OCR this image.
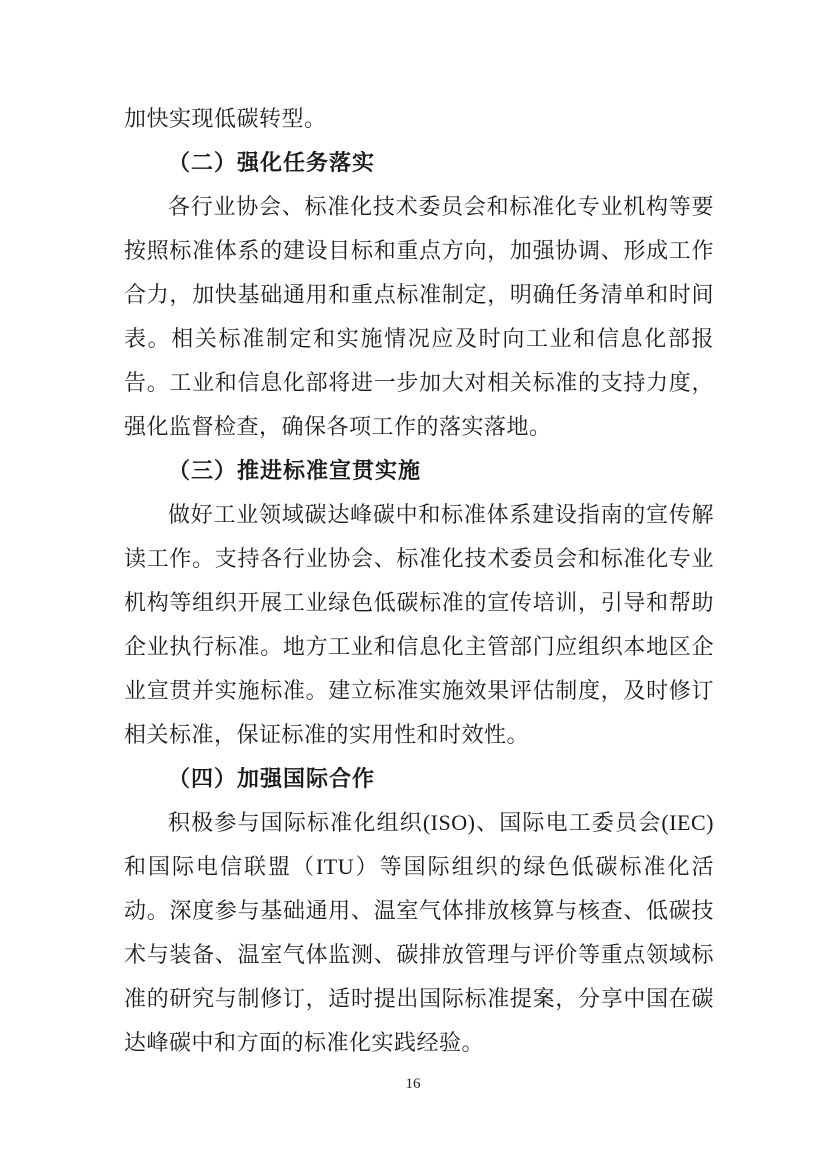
加快实现低碳转型。
（二）强化任务落实
各行业协会、标准化技术委员会和标准化专业机构等要按照标准体系的建设目标和重点方向，加强协调、形成工作合力，加快基础通用和重点标准制定，明确任务清单和时间表。相关标准制定和实施情况应及时向工业和信息化部报告。工业和信息化部将进一步加大对相关标准的支持力度，强化监督检查，确保各项工作的落实落地。
（三）推进标准宣贯实施
做好工业领域碳达峰碳中和标准体系建设指南的宣传解读工作。支持各行业协会、标准化技术委员会和标准化专业机构等组织开展工业绿色低碳标准的宣传培训，引导和帮助企业执行标准。地方工业和信息化主管部门应组织本地区企业宣贯并实施标准。建立标准实施效果评估制度，及时修订相关标准，保证标准的实用性和时效性。
（四）加强国际合作
积极参与国际标准化组织(ISO)、国际电工委员会(IEC)和国际电信联盟（ITU）等国际组织的绿色低碳标准化活动。深度参与基础通用、温室气体排放核算与核查、低碳技术与装备、温室气体监测、碳排放管理与评价等重点领域标准的研究与制修订，适时提出国际标准提案，分享中国在碳达峰碳中和方面的标准化实践经验。
16
